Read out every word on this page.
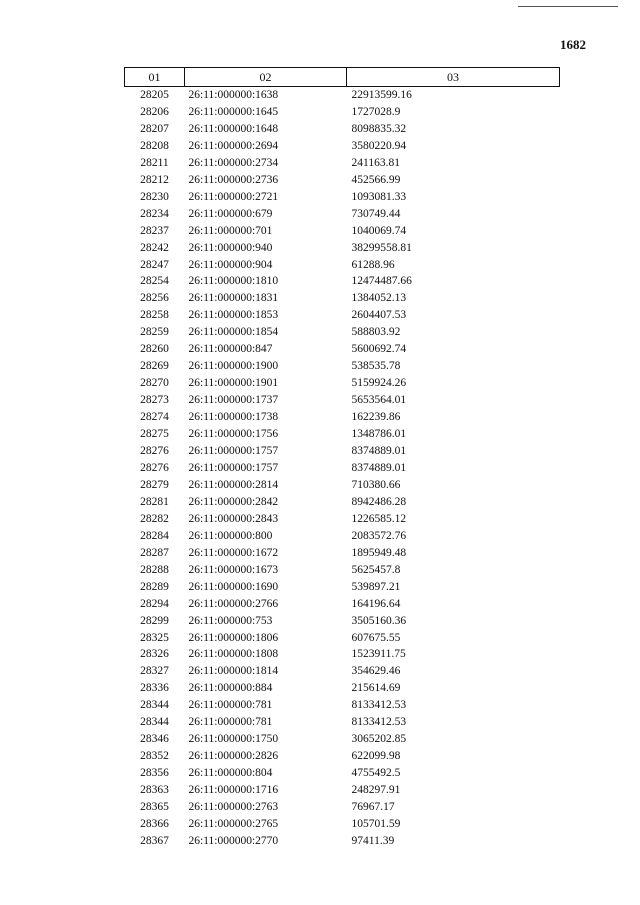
1682
01	02	03
28205	26:11:000000:1638	22913599.16
28206	26:11:000000:1645	1727028.9
28207	26:11:000000:1648	8098835.32
28208	26:11:000000:2694	3580220.94
28211	26:11:000000:2734	241163.81
28212	26:11:000000:2736	452566.99
28230	26:11:000000:2721	1093081.33
28234	26:11:000000:679	730749.44
28237	26:11:000000:701	1040069.74
28242	26:11:000000:940	38299558.81
28247	26:11:000000:904	61288.96
28254	26:11:000000:1810	12474487.66
28256	26:11:000000:1831	1384052.13
28258	26:11:000000:1853	2604407.53
28259	26:11:000000:1854	588803.92
28260	26:11:000000:847	5600692.74
28269	26:11:000000:1900	538535.78
28270	26:11:000000:1901	5159924.26
28273	26:11:000000:1737	5653564.01
28274	26:11:000000:1738	162239.86
28275	26:11:000000:1756	1348786.01
28276	26:11:000000:1757	8374889.01
28276	26:11:000000:1757	8374889.01
28279	26:11:000000:2814	710380.66
28281	26:11:000000:2842	8942486.28
28282	26:11:000000:2843	1226585.12
28284	26:11:000000:800	2083572.76
28287	26:11:000000:1672	1895949.48
28288	26:11:000000:1673	5625457.8
28289	26:11:000000:1690	539897.21
28294	26:11:000000:2766	164196.64
28299	26:11:000000:753	3505160.36
28325	26:11:000000:1806	607675.55
28326	26:11:000000:1808	1523911.75
28327	26:11:000000:1814	354629.46
28336	26:11:000000:884	215614.69
28344	26:11:000000:781	8133412.53
28344	26:11:000000:781	8133412.53
28346	26:11:000000:1750	3065202.85
28352	26:11:000000:2826	622099.98
28356	26:11:000000:804	4755492.5
28363	26:11:000000:1716	248297.91
28365	26:11:000000:2763	76967.17
28366	26:11:000000:2765	105701.59
28367	26:11:000000:2770	97411.39
